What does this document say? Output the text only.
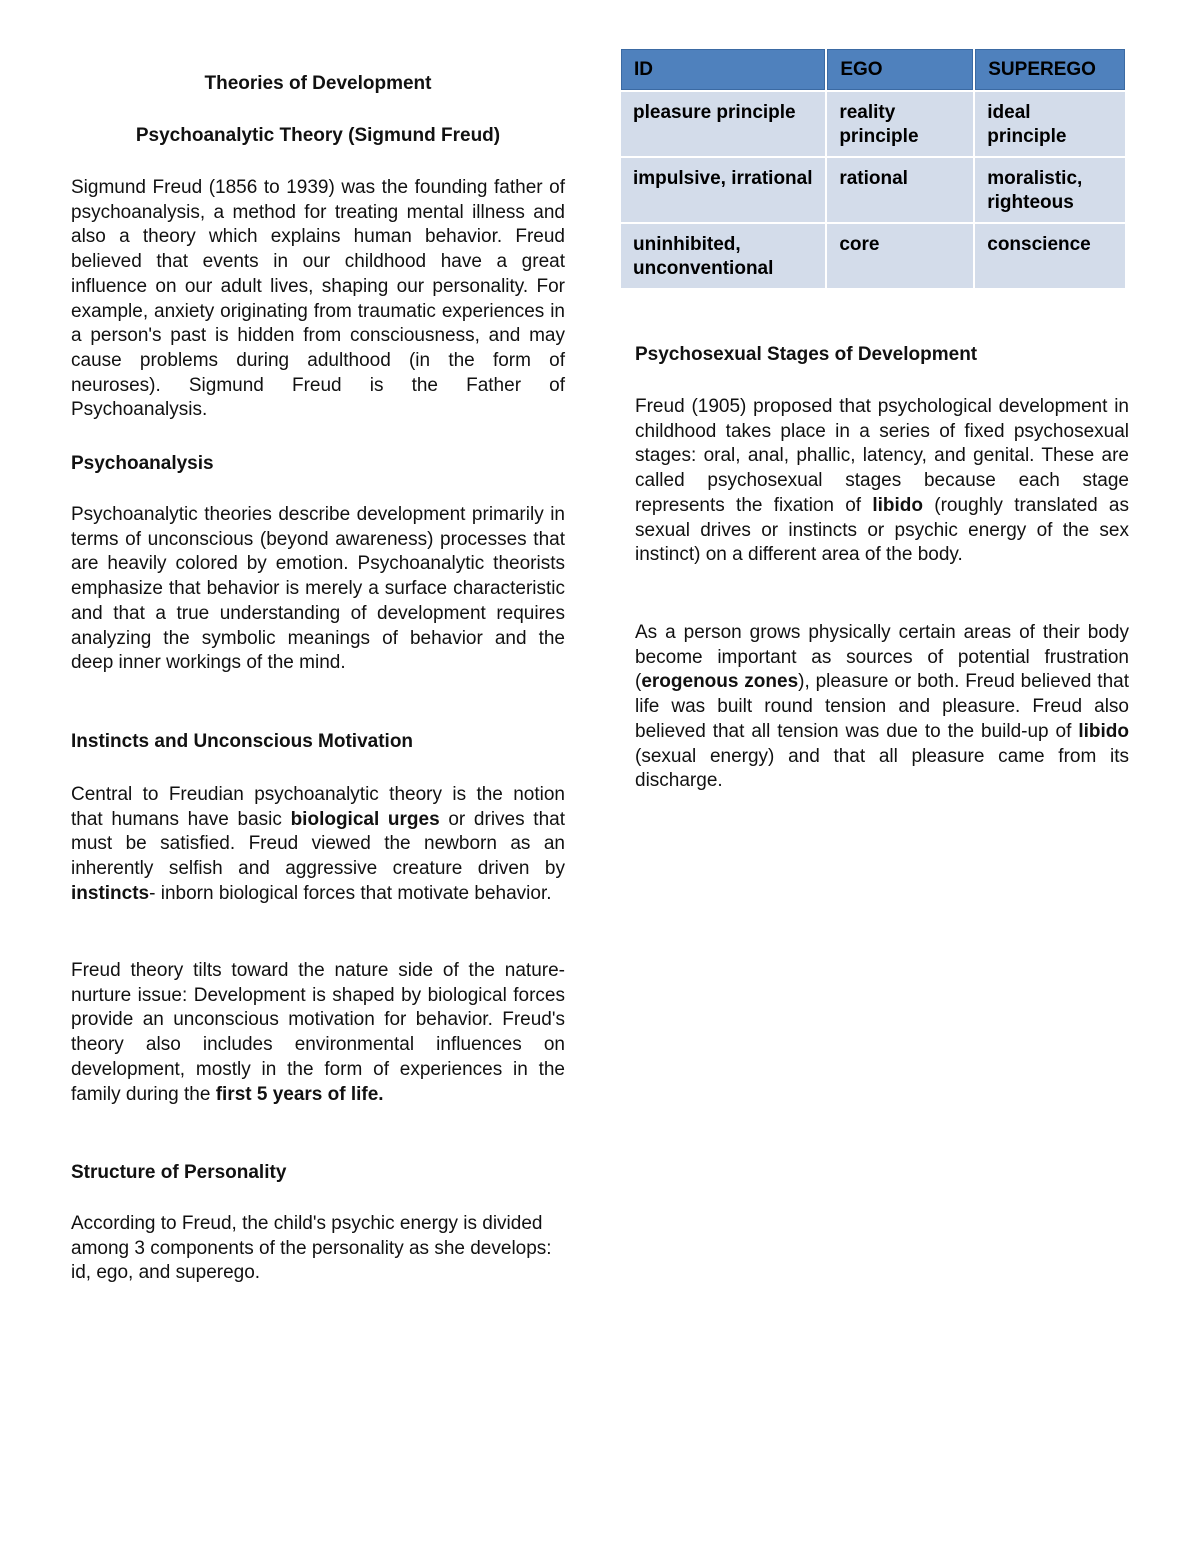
Theories of Development
Psychoanalytic Theory (Sigmund Freud)

Sigmund Freud (1856 to 1939) was the founding father of psychoanalysis, a method for treating mental illness and also a theory which explains human behavior. Freud believed that events in our childhood have a great influence on our adult lives, shaping our personality. For example, anxiety originating from traumatic experiences in a person's past is hidden from consciousness, and may cause problems during adulthood (in the form of neuroses). Sigmund Freud is the Father of Psychoanalysis.

Psychoanalysis

Psychoanalytic theories describe development primarily in terms of unconscious (beyond awareness) processes that are heavily colored by emotion. Psychoanalytic theorists emphasize that behavior is merely a surface characteristic and that a true understanding of development requires analyzing the symbolic meanings of behavior and the deep inner workings of the mind.

Instincts and Unconscious Motivation

Central to Freudian psychoanalytic theory is the notion that humans have basic biological urges or drives that must be satisfied. Freud viewed the newborn as an inherently selfish and aggressive creature driven by instincts- inborn biological forces that motivate behavior.

Freud theory tilts toward the nature side of the nature-nurture issue: Development is shaped by biological forces provide an unconscious motivation for behavior. Freud's theory also includes environmental influences on development, mostly in the form of experiences in the family during the first 5 years of life.

Structure of Personality

According to Freud, the child's psychic energy is divided among 3 components of the personality as she develops: id, ego, and superego.

ID	EGO	SUPEREGO
pleasure principle	reality principle	ideal principle
impulsive, irrational	rational	moralistic, righteous
uninhibited, unconventional	core	conscience
Psychosexual Stages of Development

Freud (1905) proposed that psychological development in childhood takes place in a series of fixed psychosexual stages: oral, anal, phallic, latency, and genital. These are called psychosexual stages because each stage represents the fixation of libido (roughly translated as sexual drives or instincts or psychic energy of the sex instinct) on a different area of the body.

As a person grows physically certain areas of their body become important as sources of potential frustration (erogenous zones), pleasure or both. Freud believed that life was built round tension and pleasure. Freud also believed that all tension was due to the build-up of libido (sexual energy) and that all pleasure came from its discharge.
